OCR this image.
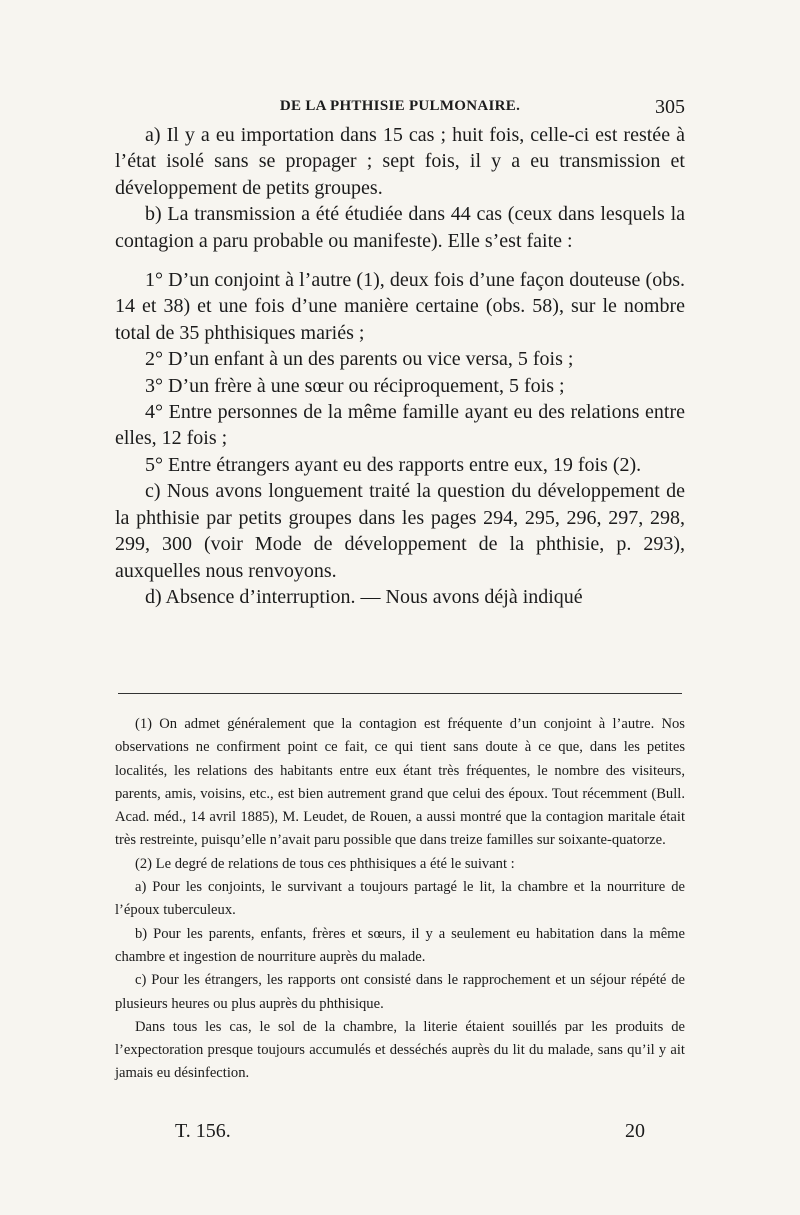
DE LA PHTHISIE PULMONAIRE.	305

a) Il y a eu importation dans 15 cas ; huit fois, celle-ci est restée à l’état isolé sans se propager ; sept fois, il y a eu transmission et développement de petits groupes.

b) La transmission a été étudiée dans 44 cas (ceux dans lesquels la contagion a paru probable ou manifeste). Elle s’est faite :

1° D’un conjoint à l’autre (1), deux fois d’une façon douteuse (obs. 14 et 38) et une fois d’une manière certaine (obs. 58), sur le nombre total de 35 phthisiques mariés ;

2° D’un enfant à un des parents ou vice versa, 5 fois ;

3° D’un frère à une sœur ou réciproquement, 5 fois ;

4° Entre personnes de la même famille ayant eu des relations entre elles, 12 fois ;

5° Entre étrangers ayant eu des rapports entre eux, 19 fois (2).

c) Nous avons longuement traité la question du développement de la phthisie par petits groupes dans les pages 294, 295, 296, 297, 298, 299, 300 (voir Mode de développement de la phthisie, p. 293), auxquelles nous renvoyons.

d) Absence d’interruption. — Nous avons déjà indiqué

(1) On admet généralement que la contagion est fréquente d’un conjoint à l’autre. Nos observations ne confirment point ce fait, ce qui tient sans doute à ce que, dans les petites localités, les relations des habitants entre eux étant très fréquentes, le nombre des visiteurs, parents, amis, voisins, etc., est bien autrement grand que celui des époux. Tout récemment (Bull. Acad. méd., 14 avril 1885), M. Leudet, de Rouen, a aussi montré que la contagion maritale était très restreinte, puisqu’elle n’avait paru possible que dans treize familles sur soixante-quatorze.

(2) Le degré de relations de tous ces phthisiques a été le suivant :

a) Pour les conjoints, le survivant a toujours partagé le lit, la chambre et la nourriture de l’époux tuberculeux.

b) Pour les parents, enfants, frères et sœurs, il y a seulement eu habitation dans la même chambre et ingestion de nourriture auprès du malade.

c) Pour les étrangers, les rapports ont consisté dans le rapprochement et un séjour répété de plusieurs heures ou plus auprès du phthisique.

Dans tous les cas, le sol de la chambre, la literie étaient souillés par les produits de l’expectoration presque toujours accumulés et desséchés auprès du lit du malade, sans qu’il y ait jamais eu désinfection.

T. 156.	20
